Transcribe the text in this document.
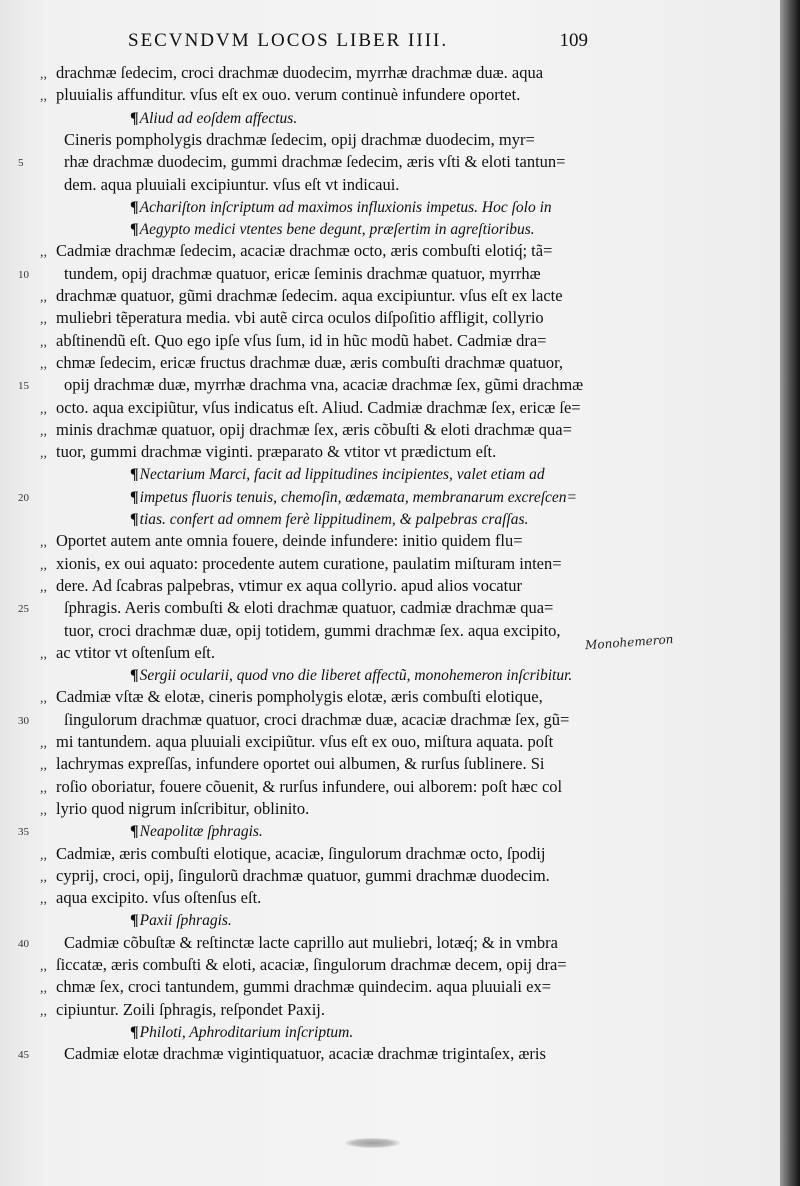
SECVNDVM LOCOS LIBER IIII.	109
,, drachmæ ſedecim, croci drachmæ duodecim, myrrhæ drachmæ duæ. aqua
,, pluuialis affunditur. vſus eſt ex ouo. verum continuè infundere oportet.
¶Aliud ad eoſdem affectus.
Cineris pompholygis drachmæ ſedecim, opij drachmæ duodecim, myr=
5 rhæ drachmæ duodecim, gummi drachmæ ſedecim, æris vſti & eloti tantun=
dem. aqua pluuiali excipiuntur. vſus eſt vt indicaui.
¶Achariſton inſcriptum ad maximos influxionis impetus. Hoc ſolo in
¶Aegypto medici vtentes bene degunt, præſertim in agreſtioribus.
,, Cadmiæ drachmæ ſedecim, acaciæ drachmæ octo, æris combuſti elotiq́; tã=
10 tundem, opij drachmæ quatuor, ericæ ſeminis drachmæ quatuor, myrrhæ
,, drachmæ quatuor, gũmi drachmæ ſedecim. aqua excipiuntur. vſus eſt ex lacte
,, muliebri tẽperatura media. vbi autẽ circa oculos diſpoſitio affligit, collyrio
,, abſtinendũ eſt. Quo ego ipſe vſus ſum, id in hũc modũ habet. Cadmiæ dra=
,, chmæ ſedecim, ericæ fructus drachmæ duæ, æris combuſti drachmæ quatuor,
15 opij drachmæ duæ, myrrhæ drachma vna, acaciæ drachmæ ſex, gũmi drachmæ
,, octo. aqua excipiũtur, vſus indicatus eſt. Aliud. Cadmiæ drachmæ ſex, ericæ ſe=
,, minis drachmæ quatuor, opij drachmæ ſex, æris cõbuſti & eloti drachmæ qua=
,, tuor, gummi drachmæ viginti. præparato & vtitor vt prædictum eſt.
¶Nectarium Marci, facit ad lippitudines incipientes, valet etiam ad
20	¶impetus fluoris tenuis, chemoſin, œdæmata, membranarum excreſcen=
¶tias. confert ad omnem ferè lippitudinem, & palpebras craſſas.
,, Oportet autem ante omnia fouere, deinde infundere: initio quidem flu=
,, xionis, ex oui aquato: procedente autem curatione, paulatim miſturam inten=
,, dere. Ad ſcabras palpebras, vtimur ex aqua collyrio. apud alios vocatur
25 ſphragis. Aeris combuſti & eloti drachmæ quatuor, cadmiæ drachmæ qua=
tuor, croci drachmæ duæ, opij totidem, gummi drachmæ ſex. aqua excipito,
,, ac vtitor vt oſtenſum eſt.
¶Sergii ocularii, quod vno die liberet affectũ, monohemeron inſcribitur.
,, Cadmiæ vſtæ & elotæ, cineris pompholygis elotæ, æris combuſti elotique,
30 ſingulorum drachmæ quatuor, croci drachmæ duæ, acaciæ drachmæ ſex, gũ=
,, mi tantundem. aqua pluuiali excipiũtur. vſus eſt ex ouo, miſtura aquata. poſt
,, lachrymas expreſſas, infundere oportet oui albumen, & rurſus ſublinere. Si
,, roſio oboriatur, fouere cõuenit, & rurſus infundere, oui alborem: poſt hæc col
,, lyrio quod nigrum inſcribitur, oblinito.
35	¶Neapolitæ ſphragis.
,, Cadmiæ, æris combuſti elotique, acaciæ, ſingulorum drachmæ octo, ſpodij
,, cyprij, croci, opij, ſingulorũ drachmæ quatuor, gummi drachmæ duodecim.
,, aqua excipito. vſus oſtenſus eſt.
¶Paxii ſphragis.
40 Cadmiæ cõbuſtæ & reſtinctæ lacte caprillo aut muliebri, lotæq́; & in vmbra
,, ſiccatæ, æris combuſti & eloti, acaciæ, ſingulorum drachmæ decem, opij dra=
,, chmæ ſex, croci tantundem, gummi drachmæ quindecim. aqua pluuiali ex=
,, cipiuntur. Zoili ſphragis, reſpondet Paxij.
¶Philoti, Aphroditarium inſcriptum.
45 Cadmiæ elotæ drachmæ vigintiquatuor, acaciæ drachmæ trigintaſex, æris
Monohemeron
